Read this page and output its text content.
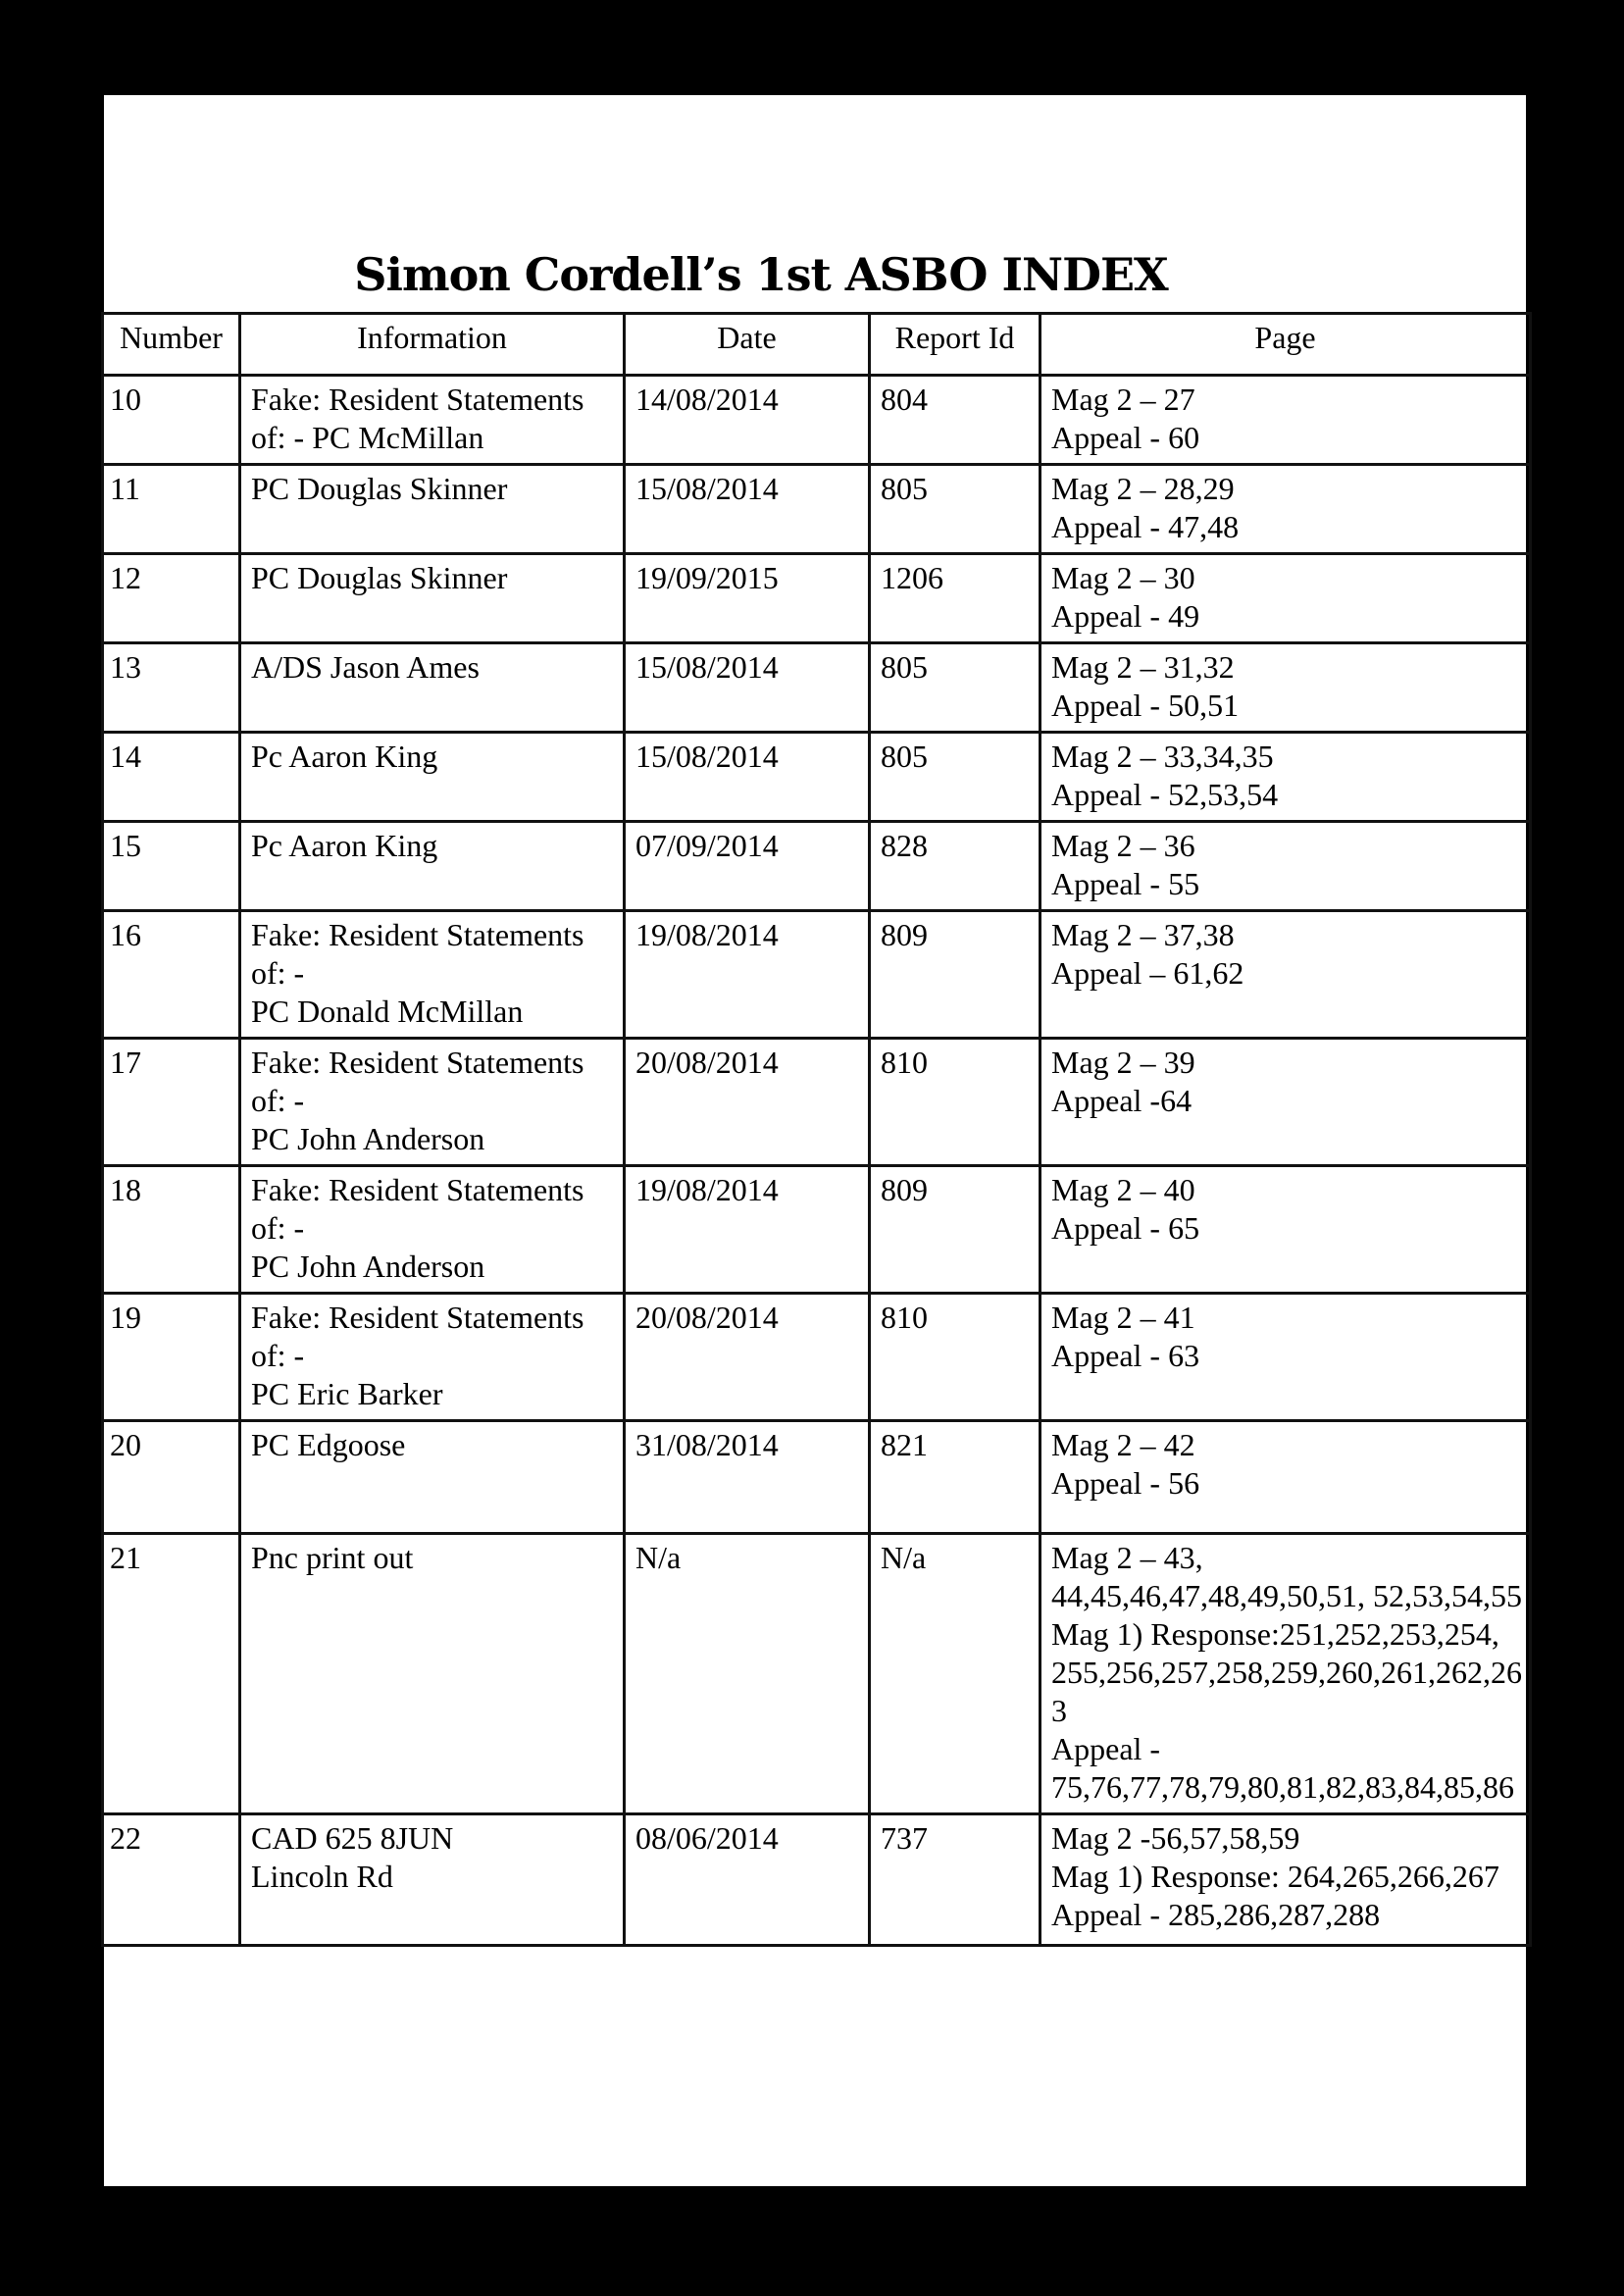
Simon Cordell’s 1st ASBO INDEX
Number	Information	Date	Report Id	Page
10	Fake: Resident Statements of: - PC McMillan	14/08/2014	804	Mag 2 – 27
Appeal - 60

11	PC Douglas Skinner	15/08/2014	805	Mag 2 – 28,29
Appeal - 47,48

12	PC Douglas Skinner	19/09/2015	1206	Mag 2 – 30
Appeal - 49

13	A/DS Jason Ames	15/08/2014	805	Mag 2 – 31,32
Appeal - 50,51

14	Pc Aaron King	15/08/2014	805	Mag 2 – 33,34,35
Appeal - 52,53,54

15	Pc Aaron King	07/09/2014	828	Mag 2 – 36
Appeal - 55

16	Fake: Resident Statements of: -
PC Donald McMillan	19/08/2014	809	Mag 2 – 37,38
Appeal – 61,62

17	Fake: Resident Statements of: -
PC John Anderson	20/08/2014	810	Mag 2 – 39
Appeal -64

18	Fake: Resident Statements of: -
PC John Anderson	19/08/2014	809	Mag 2 – 40
Appeal - 65

19	Fake: Resident Statements of: -
PC Eric Barker	20/08/2014	810	Mag 2 – 41
Appeal - 63

20	PC Edgoose	31/08/2014	821	Mag 2 – 42
Appeal - 56

21	Pnc print out	N/a	N/a	Mag 2 – 43, 44,45,46,47,48,49,50,51, 52,53,54,55
Mag 1) Response:251,252,253,254, 255,256,257,258,259,260,261,262,263
Appeal - 75,76,77,78,79,80,81,82,83,84,85,86

22	CAD 625 8JUN
Lincoln Rd	08/06/2014	737	Mag 2 -56,57,58,59
Mag 1) Response: 264,265,266,267
Appeal - 285,286,287,288
